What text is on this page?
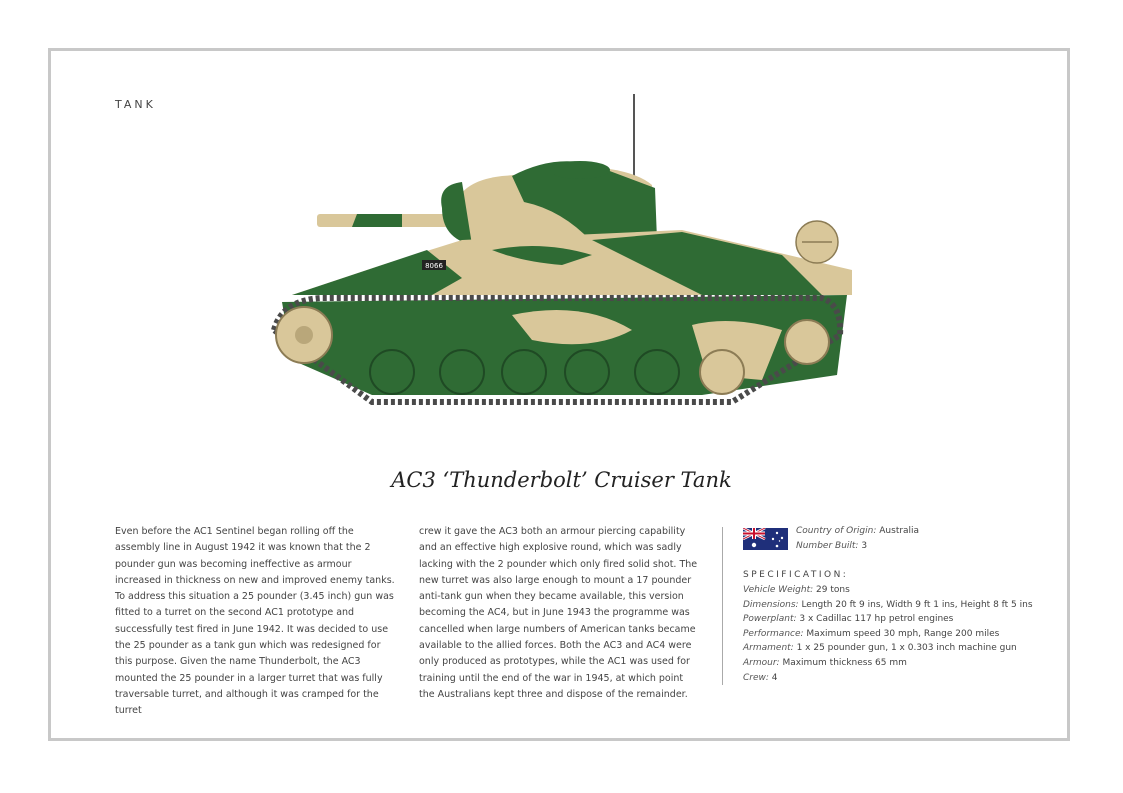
TANK
8066
AC3 ‘Thunderbolt’ Cruiser Tank
Even before the AC1 Sentinel began rolling off the assembly line in August 1942 it was known that the 2 pounder gun was becoming ineffective as armour increased in thickness on new and improved enemy tanks. To address this situation a 25 pounder (3.45 inch) gun was fitted to a turret on the second AC1 prototype and successfully test fired in June 1942. It was decided to use the 25 pounder as a tank gun which was redesigned for this purpose. Given the name Thunderbolt, the AC3 mounted the 25 pounder in a larger turret that was fully traversable turret, and although it was cramped for the turret
crew it gave the AC3 both an armour piercing capability and an effective high explosive round, which was sadly lacking with the 2 pounder which only fired solid shot. The new turret was also large enough to mount a 17 pounder anti-tank gun when they became available, this version becoming the AC4, but in June 1943 the programme was cancelled when large numbers of American tanks became available to the allied forces. Both the AC3 and AC4 were only produced as prototypes, while the AC1 was used for training until the end of the war in 1945, at which point the Australians kept three and dispose of the remainder.
Country of Origin: Australia
Number Built: 3
SPECIFICATION:
Vehicle Weight: 29 tons
Dimensions: Length 20 ft 9 ins, Width 9 ft 1 ins, Height 8 ft 5 ins
Powerplant: 3 x Cadillac 117 hp petrol engines
Performance: Maximum speed 30 mph, Range 200 miles
Armament: 1 x 25 pounder gun, 1 x 0.303 inch machine gun
Armour: Maximum thickness 65 mm
Crew: 4
